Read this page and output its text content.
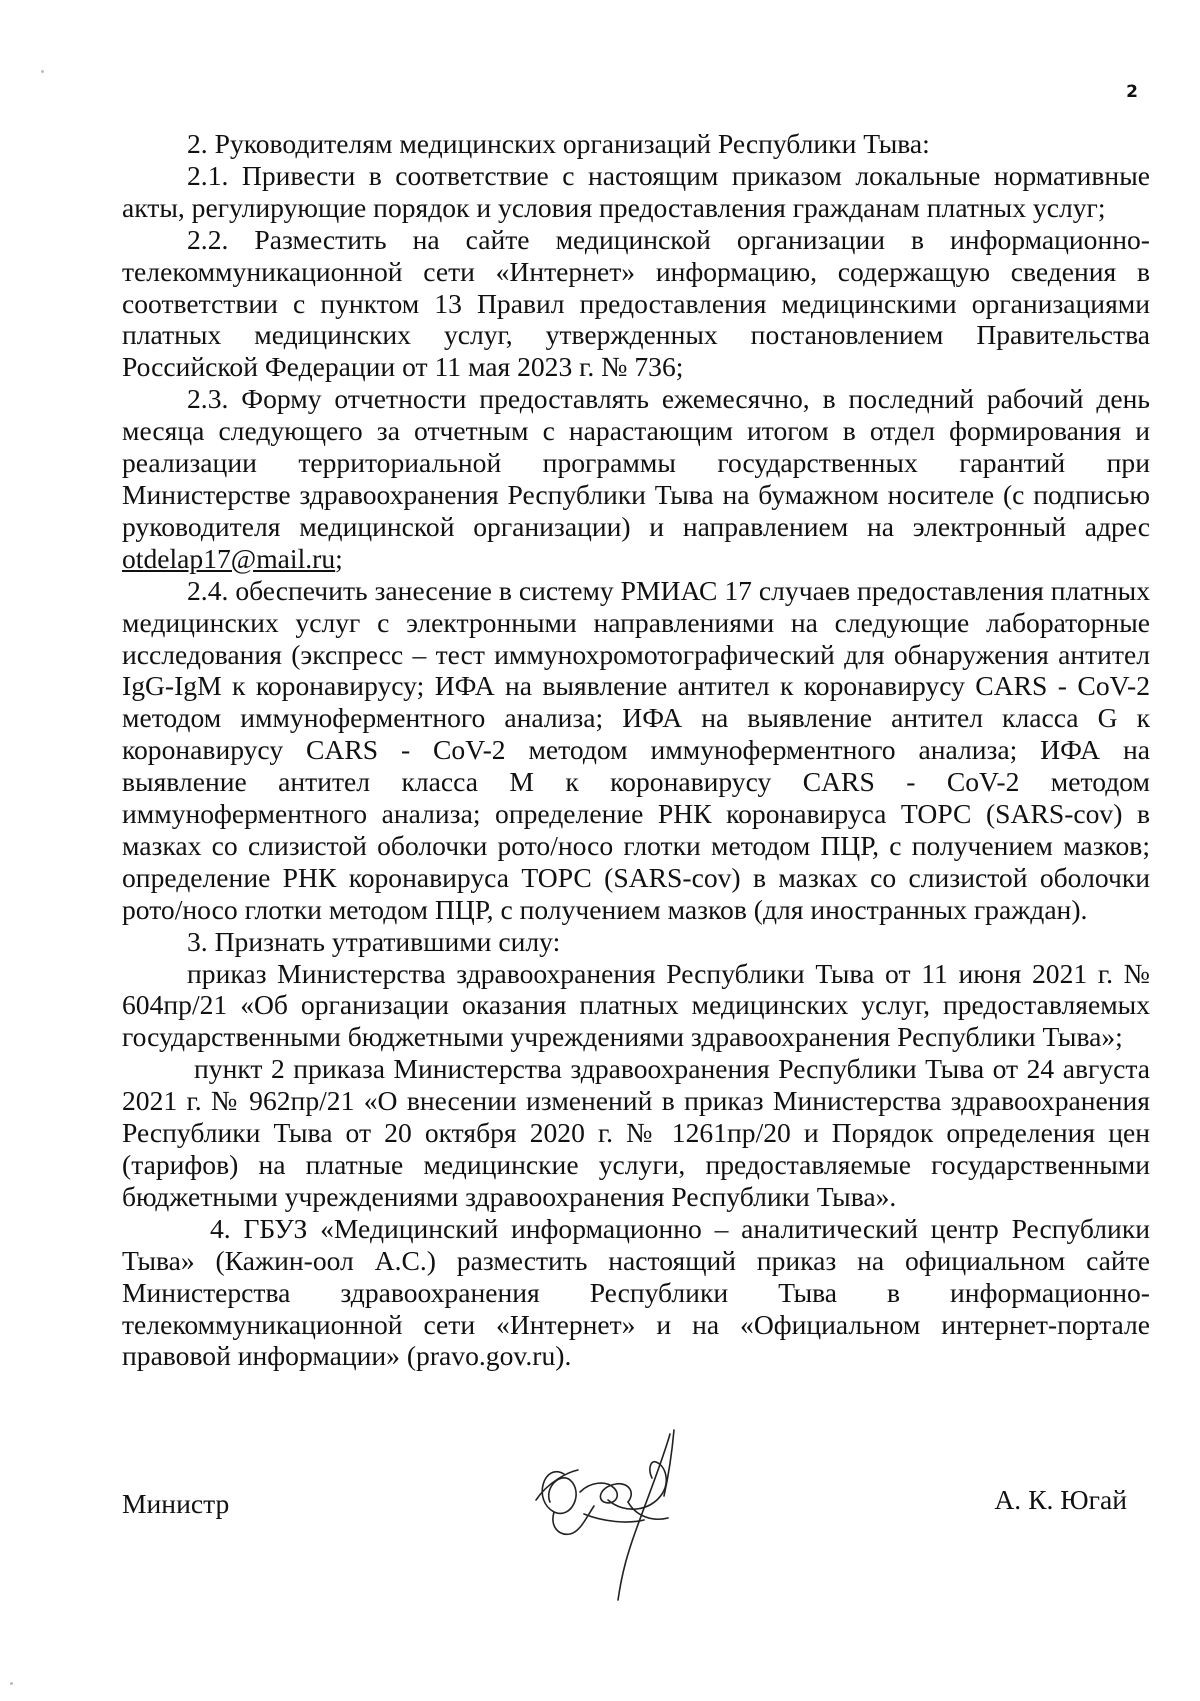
2

2. Руководителям медицинских организаций Республики Тыва:

2.1. Привести в соответствие с настоящим приказом локальные нормативные акты, регулирующие порядок и условия предоставления гражданам платных услуг;

2.2. Разместить на сайте медицинской организации в информационно-телекоммуникационной сети «Интернет» информацию, содержащую сведения в соответствии с пунктом 13 Правил предоставления медицинскими организациями платных медицинских услуг, утвержденных постановлением Правительства Российской Федерации от 11 мая 2023 г. № 736;

2.3. Форму отчетности предоставлять ежемесячно, в последний рабочий день месяца следующего за отчетным с нарастающим итогом в отдел формирования и реализации территориальной программы государственных гарантий при Министерстве здравоохранения Республики Тыва на бумажном носителе (с подписью руководителя медицинской организации) и направлением на электронный адрес otdelap17@mail.ru;

2.4. обеспечить занесение в систему РМИАС 17 случаев предоставления платных медицинских услуг с электронными направлениями на следующие лабораторные исследования (экспресс – тест иммунохромотографический для обнаружения антител IgG-IgM к коронавирусу; ИФА на выявление антител к коронавирусу CARS - CoV-2 методом иммуноферментного анализа; ИФА на выявление антител класса G к коронавирусу CARS - CoV-2 методом иммуноферментного анализа; ИФА на выявление антител класса M к коронавирусу CARS - CoV-2 методом иммуноферментного анализа; определение РНК коронавируса ТОРС (SARS-cov) в мазках со слизистой оболочки рото/носо глотки методом ПЦР, с получением мазков; определение РНК коронавируса ТОРС (SARS-cov) в мазках со слизистой оболочки рото/носо глотки методом ПЦР, с получением мазков (для иностранных граждан).

3. Признать утратившими силу:

приказ Министерства здравоохранения Республики Тыва от 11 июня 2021 г. № 604пр/21 «Об организации оказания платных медицинских услуг, предоставляемых государственными бюджетными учреждениями здравоохранения Республики Тыва»;

пункт 2 приказа Министерства здравоохранения Республики Тыва от 24 августа 2021 г. № 962пр/21 «О внесении изменений в приказ Министерства здравоохранения Республики Тыва от 20 октября 2020 г. № 1261пр/20 и Порядок определения цен (тарифов) на платные медицинские услуги, предоставляемые государственными бюджетными учреждениями здравоохранения Республики Тыва».

4. ГБУЗ «Медицинский информационно – аналитический центр Республики Тыва» (Кажин-оол А.С.) разместить настоящий приказ на официальном сайте Министерства здравоохранения Республики Тыва в информационно-телекоммуникационной сети «Интернет» и на «Официальном интернет-портале правовой информации» (pravo.gov.ru).

Министр	А. К. Югай
